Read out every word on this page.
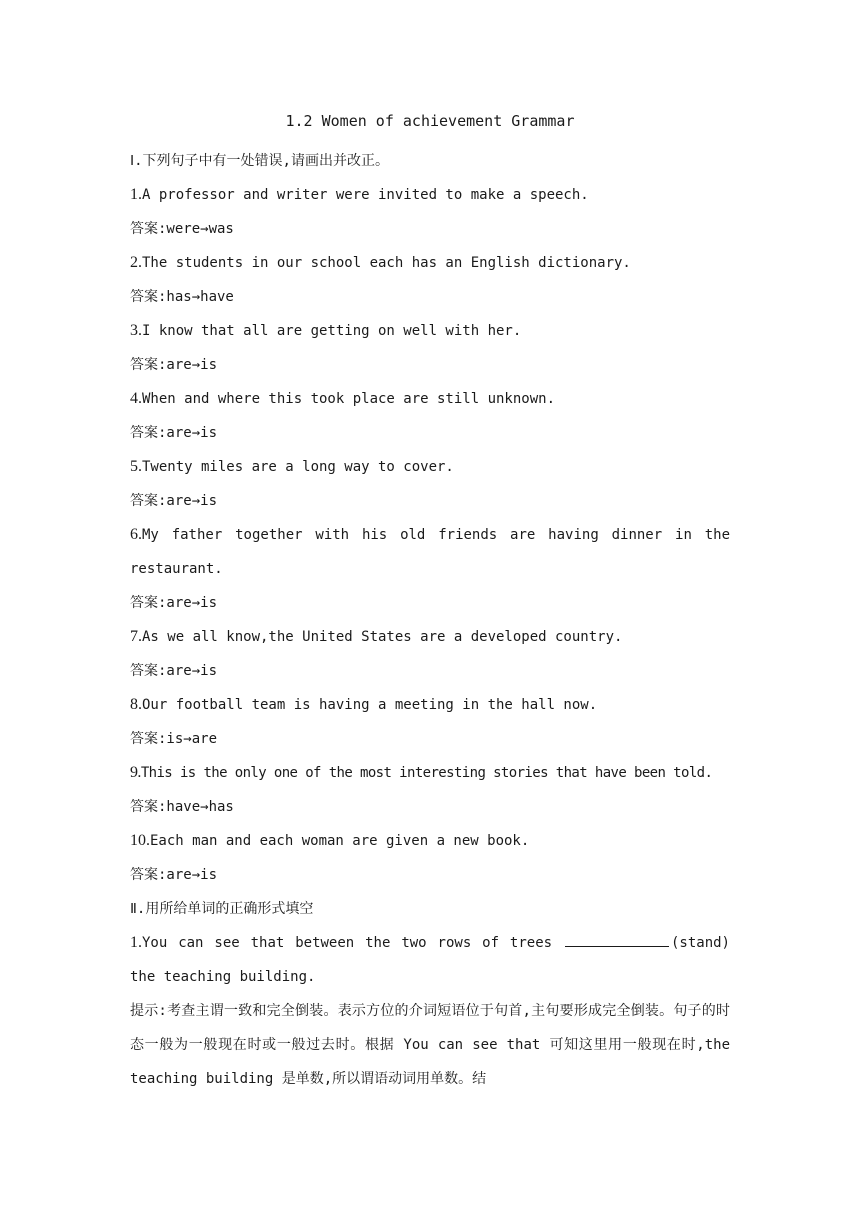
1.2 Women of achievement Grammar

Ⅰ.下列句子中有一处错误,请画出并改正。

1.A professor and writer were invited to make a speech.

答案:were→was

2.The students in our school each has an English dictionary.

答案:has→have

3.I know that all are getting on well with her.

答案:are→is

4.When and where this took place are still unknown.

答案:are→is

5.Twenty miles are a long way to cover.

答案:are→is

6.My father together with his old friends are having dinner in the restaurant.

答案:are→is

7.As we all know,the United States are a developed country.

答案:are→is

8.Our football team is having a meeting in the hall now.

答案:is→are

9.This is the only one of the most interesting stories that have been told.

答案:have→has

10.Each man and each woman are given a new book.

答案:are→is

Ⅱ.用所给单词的正确形式填空

1.You can see that between the two rows of trees	(stand) the teaching building.

提示:考查主谓一致和完全倒装。表示方位的介词短语位于句首,主句要形成完全倒装。句子的时态一般为一般现在时或一般过去时。根据 You can see that 可知这里用一般现在时,the teaching building 是单数,所以谓语动词用单数。结
